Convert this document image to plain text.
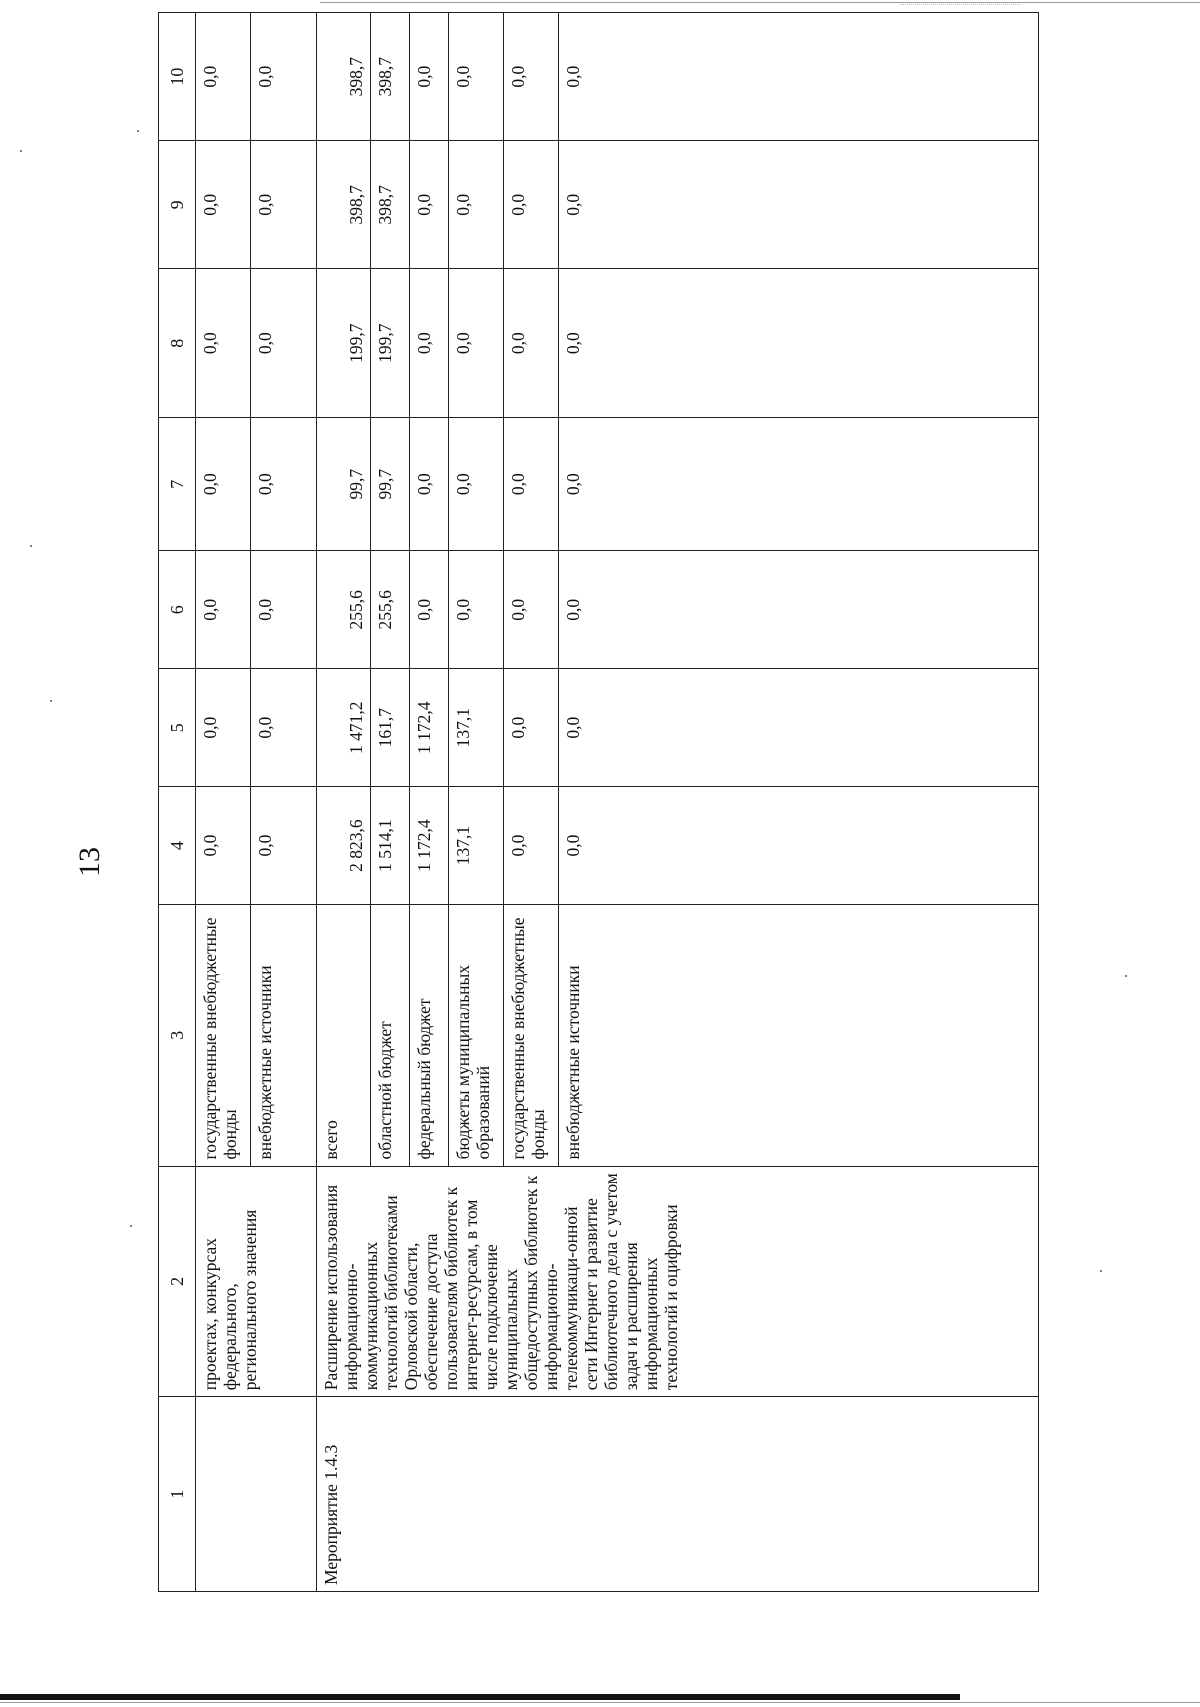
13
1	2	3	4	5	6	7	8	9	10
	проектах, конкурсах федерального, регионального значения	государственные внебюджетные фонды	0,0	0,0	0,0	0,0	0,0	0,0	0,0
		внебюджетные источники	0,0	0,0	0,0	0,0	0,0	0,0	0,0
Мероприятие 1.4.3	Расширение использования информационно-коммуникационных технологий библиотеками Орловской области, обеспечение доступа пользователям библиотек к интернет-ресурсам, в том числе подключение муниципальных общедоступных библиотек к информационно-телекоммуникаци-онной сети Интернет и развитие библиотечного дела с учетом задач и расширения информационных технологий и оцифровки	всего	2 823,6	1 471,2	255,6	99,7	199,7	398,7	398,7
		областной бюджет	1 514,1	161,7	255,6	99,7	199,7	398,7	398,7
		федеральный бюджет	1 172,4	1 172,4	0,0	0,0	0,0	0,0	0,0
		бюджеты муниципальных образований	137,1	137,1	0,0	0,0	0,0	0,0	0,0
		государственные внебюджетные фонды	0,0	0,0	0,0	0,0	0,0	0,0	0,0
		внебюджетные источники	0,0	0,0	0,0	0,0	0,0	0,0	0,0
